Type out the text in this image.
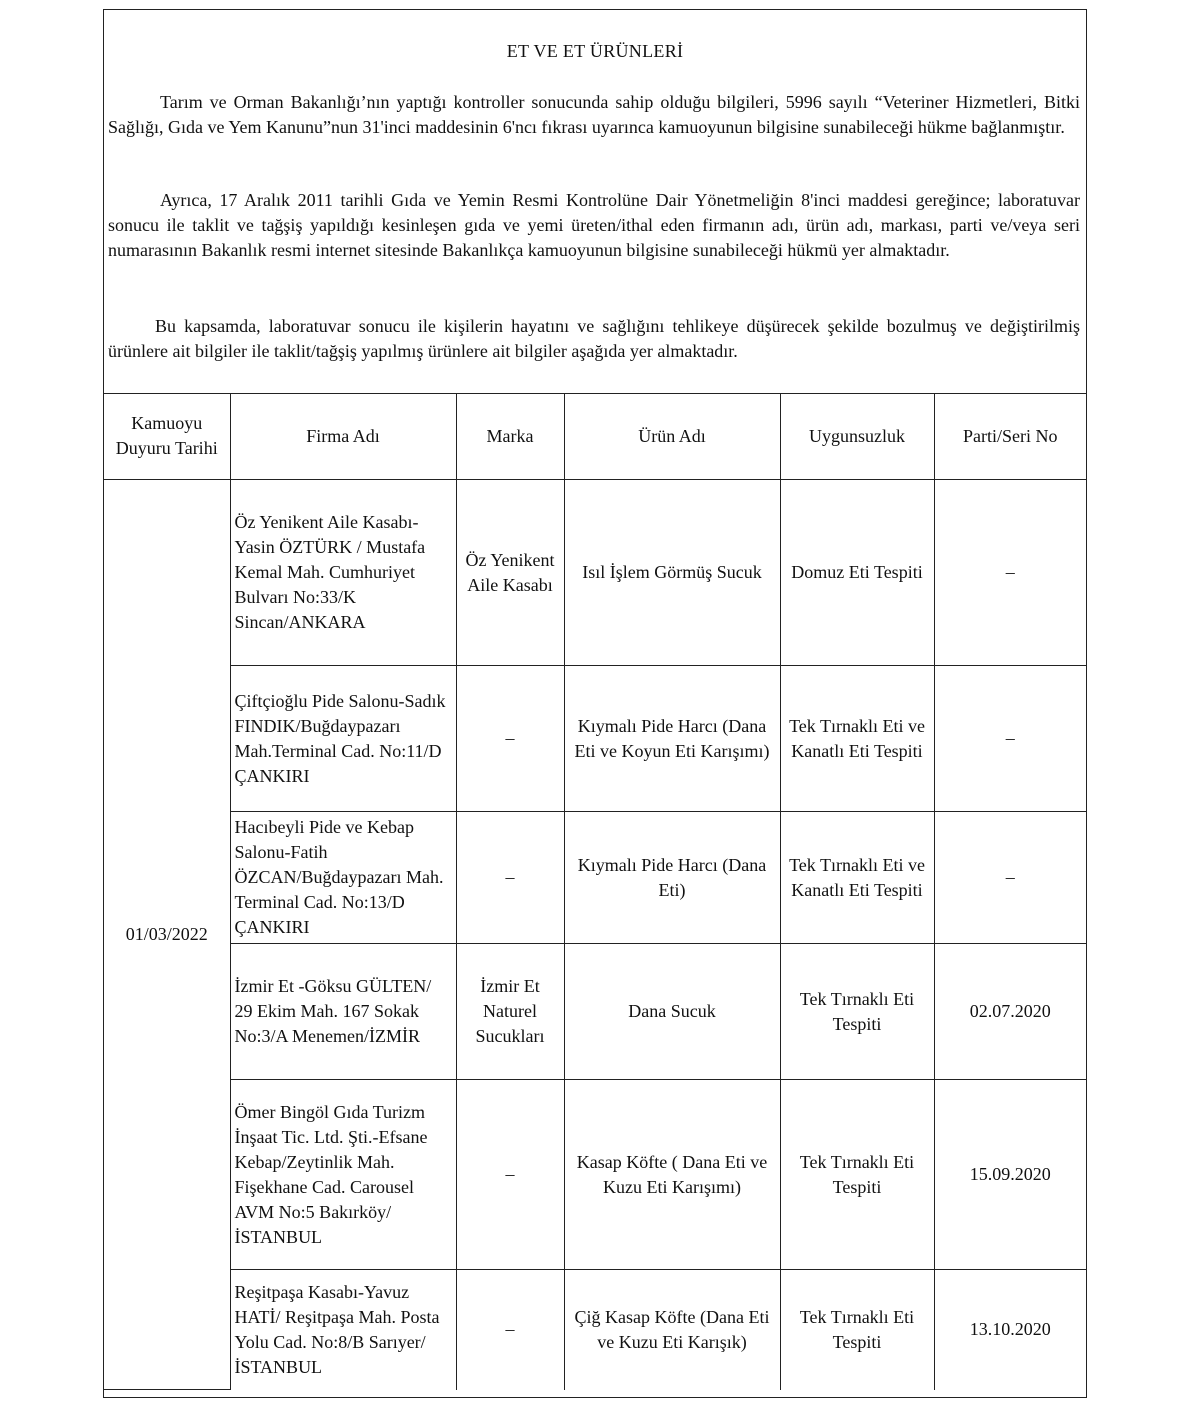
ET VE ET ÜRÜNLERİ

Tarım ve Orman Bakanlığı’nın yaptığı kontroller sonucunda sahip olduğu bilgileri, 5996 sayılı “Veteriner Hizmetleri, Bitki Sağlığı, Gıda ve Yem Kanunu”nun 31'inci maddesinin 6'ncı fıkrası uyarınca kamuoyunun bilgisine sunabileceği hükme bağlanmıştır.

Ayrıca, 17 Aralık 2011 tarihli Gıda ve Yemin Resmi Kontrolüne Dair Yönetmeliğin 8'inci maddesi gereğince; laboratuvar sonucu ile taklit ve tağşiş yapıldığı kesinleşen gıda ve yemi üreten/ithal eden firmanın adı, ürün adı, markası, parti ve/veya seri numarasının Bakanlık resmi internet sitesinde Bakanlıkça kamuoyunun bilgisine sunabileceği hükmü yer almaktadır.

Bu kapsamda, laboratuvar sonucu ile kişilerin hayatını ve sağlığını tehlikeye düşürecek şekilde bozulmuş ve değiştirilmiş ürünlere ait bilgiler ile taklit/tağşiş yapılmış ürünlere ait bilgiler aşağıda yer almaktadır.

Kamuoyu Duyuru Tarihi	Firma Adı	Marka	Ürün Adı	Uygunsuzluk	Parti/Seri No
01/03/2022	Öz Yenikent Aile Kasabı-Yasin ÖZTÜRK / Mustafa Kemal Mah. Cumhuriyet Bulvarı No:33/K Sincan/ANKARA	Öz Yenikent Aile Kasabı	Isıl İşlem Görmüş Sucuk	Domuz Eti Tespiti	–
	Çiftçioğlu Pide Salonu-Sadık FINDIK/Buğdaypazarı Mah.Terminal Cad. No:11/D ÇANKIRI	–	Kıymalı Pide Harcı (Dana Eti ve Koyun Eti Karışımı)	Tek Tırnaklı Eti ve Kanatlı Eti Tespiti	–
	Hacıbeyli Pide ve Kebap Salonu-Fatih ÖZCAN/Buğdaypazarı Mah. Terminal Cad. No:13/D ÇANKIRI	–	Kıymalı Pide Harcı (Dana Eti)	Tek Tırnaklı Eti ve Kanatlı Eti Tespiti	–
	İzmir Et -Göksu GÜLTEN/ 29 Ekim Mah. 167 Sokak No:3/A Menemen/İZMİR	İzmir Et Naturel Sucukları	Dana Sucuk	Tek Tırnaklı Eti Tespiti	02.07.2020
	Ömer Bingöl Gıda Turizm İnşaat Tic. Ltd. Şti.-Efsane Kebap/Zeytinlik Mah. Fişekhane Cad. Carousel AVM No:5 Bakırköy/İSTANBUL	–	Kasap Köfte ( Dana Eti ve Kuzu Eti Karışımı)	Tek Tırnaklı Eti Tespiti	15.09.2020
	Reşitpaşa Kasabı-Yavuz HATİ/ Reşitpaşa Mah. Posta Yolu Cad. No:8/B Sarıyer/İSTANBUL	–	Çiğ Kasap Köfte (Dana Eti ve Kuzu Eti Karışık)	Tek Tırnaklı Eti Tespiti	13.10.2020
